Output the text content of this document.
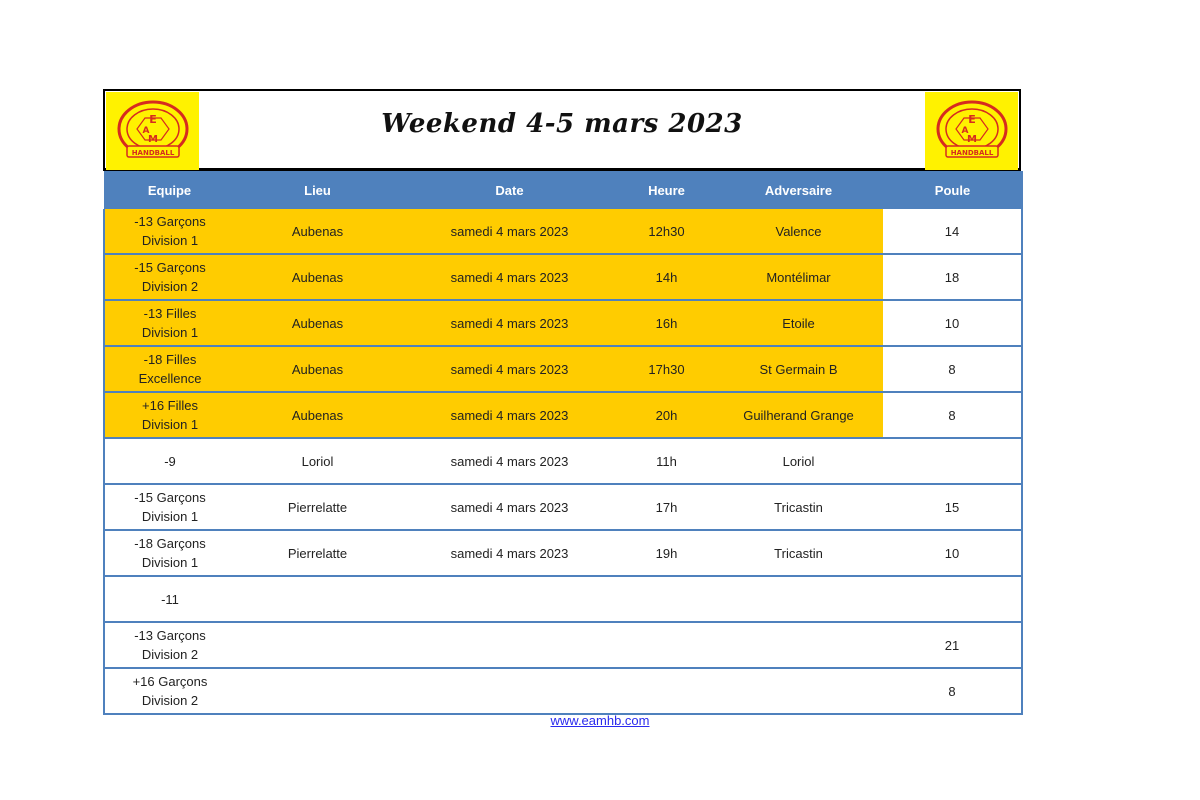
E
A
M
HANDBALL
Weekend 4-5 mars 2023	E
A
M
HANDBALL
Equipe	Lieu	Date	Heure	Adversaire	Poule

-13 Garçons
Division 1	Aubenas	samedi 4 mars 2023	12h30	Valence	14

-15 Garçons
Division 2	Aubenas	samedi 4 mars 2023	14h	Montélimar	18

-13 Filles
Division 1	Aubenas	samedi 4 mars 2023	16h	Etoile	10

-18 Filles
Excellence	Aubenas	samedi 4 mars 2023	17h30	St Germain B	8

+16 Filles
Division 1	Aubenas	samedi 4 mars 2023	20h	Guilherand Grange	8

-9	Loriol	samedi 4 mars 2023	11h	Loriol	

-15 Garçons
Division 1	Pierrelatte	samedi 4 mars 2023	17h	Tricastin	15

-18 Garçons
Division 1	Pierrelatte	samedi 4 mars 2023	19h	Tricastin	10

-11					

-13 Garçons
Division 2					21

+16 Garçons
Division 2					8
www.eamhb.com
